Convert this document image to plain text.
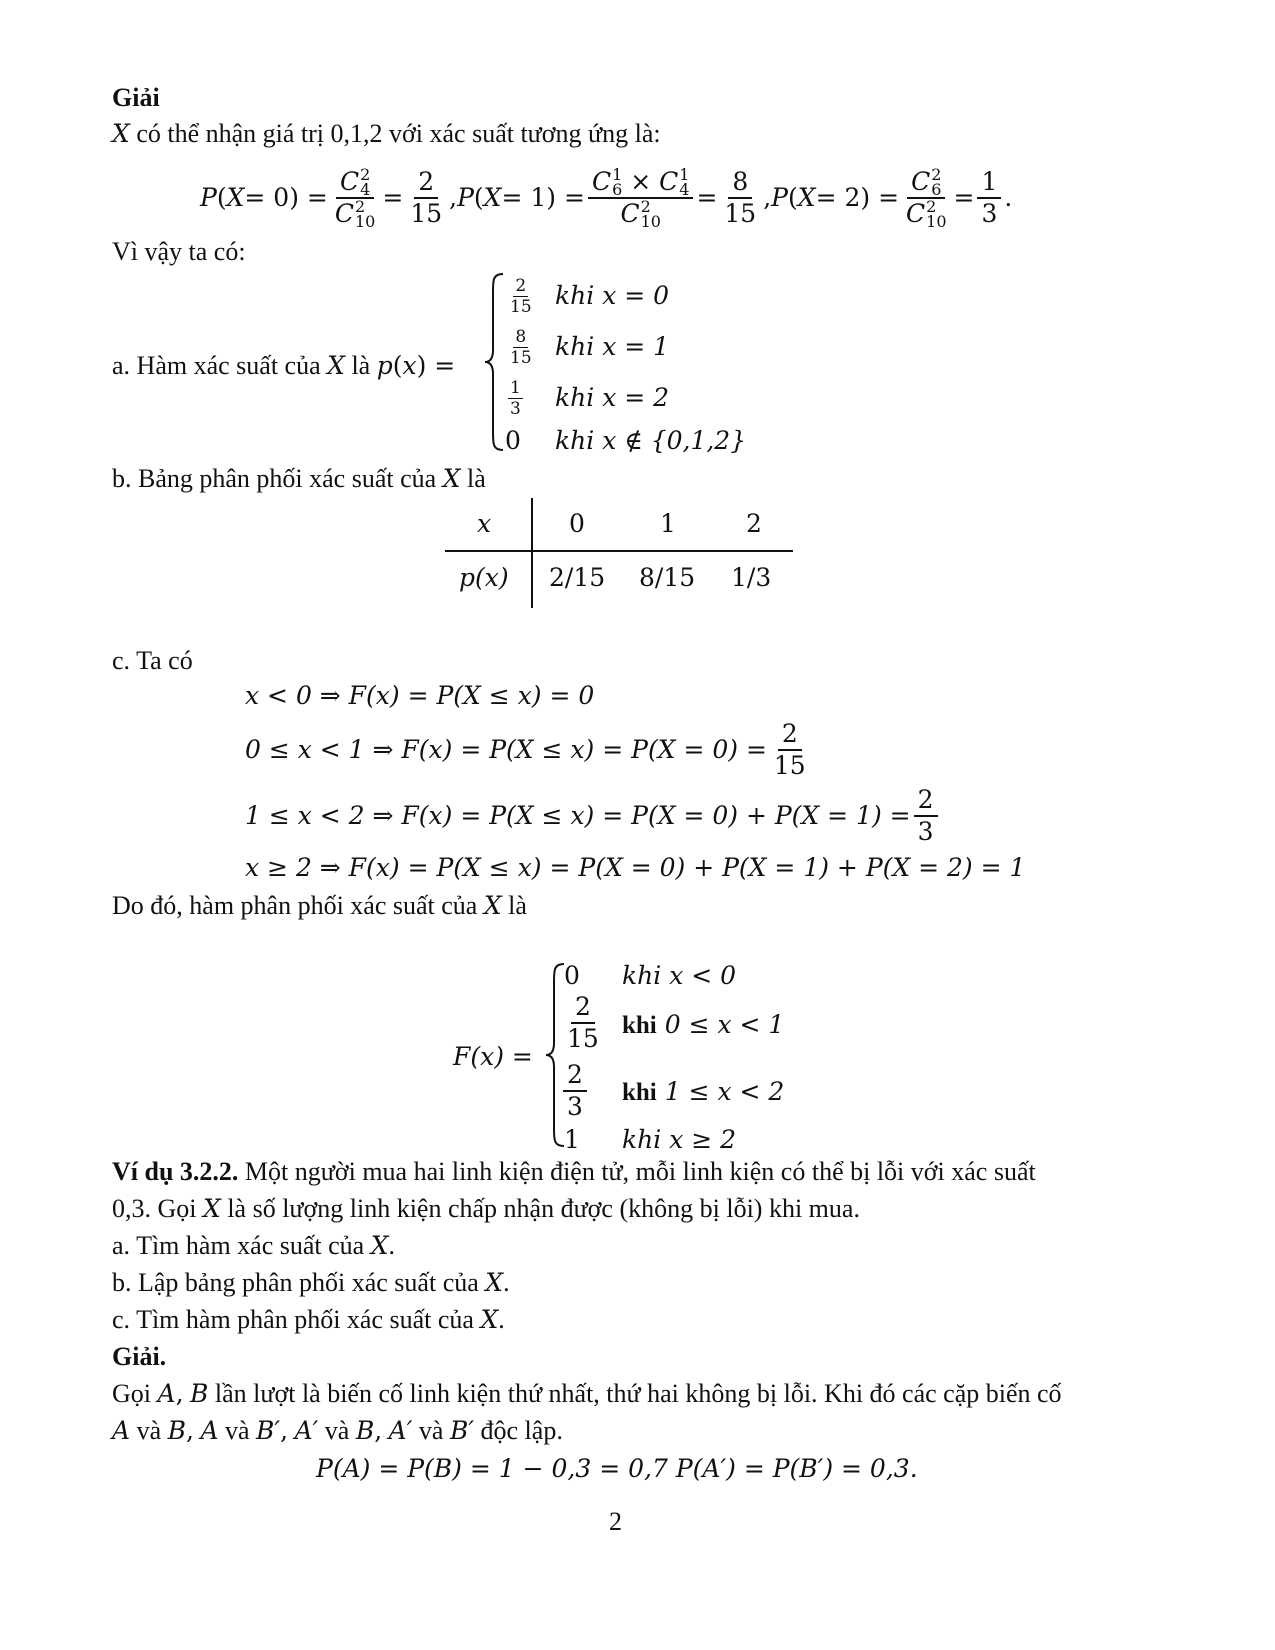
Giải
X có thể nhận giá trị 0,1,2 với xác suất tương ứng là:
P ( X = 0) = C 2
4
C 2
$10 = \frac{2}{15}$ , P ( X = 1) = C 1
6 × C 1
4
C 2
$10 = \frac{8}{15}$ , P ( X = 2) = C 2
6
C 2
$10 = \frac{1}{3}$ .
Vì vậy ta có:
a. Hàm xác suất của X là p(x) =
$\frac{2}{15}$ khi x = 0
$\frac{8}{15}$ khi x = 1
$\frac{1}{3}$ khi x = 2
0 khi x ∉ {0,1,2}
b. Bảng phân phối xác suất của X là
x
p(x)
0	1	2
2/15 8/15 1/3
c. Ta có
x < 0 ⇒ F(x) = P(X ≤ x) = 0
0 ≤ x < 1 ⇒ $F(x) = P(X \le x) = P(X = 0) = \frac{2}{15}$
1 ≤ x < 2 ⇒ $F(x) = P(X \le x) = P(X = 0) + P(X = 1) = \frac{2}{3}$
x ≥ 2 ⇒ F(x) = P(X ≤ x) = P(X = 0) + P(X = 1) + P(X = 2) = 1
Do đó, hàm phân phối xác suất của X là
F(x) =
0 khi x < 0
$\frac{2}{15}$ khi 0 ≤ x < 1
$\frac{2}{3}$ khi 1 ≤ x < 2
1 khi x ≥ 2
Ví dụ 3.2.2. Một người mua hai linh kiện điện tử, mỗi linh kiện có thể bị lỗi với xác suất
0,3. Gọi X là số lượng linh kiện chấp nhận được (không bị lỗi) khi mua.
a. Tìm hàm xác suất của X.
b. Lập bảng phân phối xác suất của X.
c. Tìm hàm phân phối xác suất của X.
Giải.
Gọi A, B lần lượt là biến cố linh kiện thứ nhất, thứ hai không bị lỗi. Khi đó các cặp biến cố
A và B, A và B′, A′ và B, A′ và B′ độc lập.
P(A) = P(B) = 1 − 0,3 = 0,7 P(A′) = P(B′) = 0,3.
2
